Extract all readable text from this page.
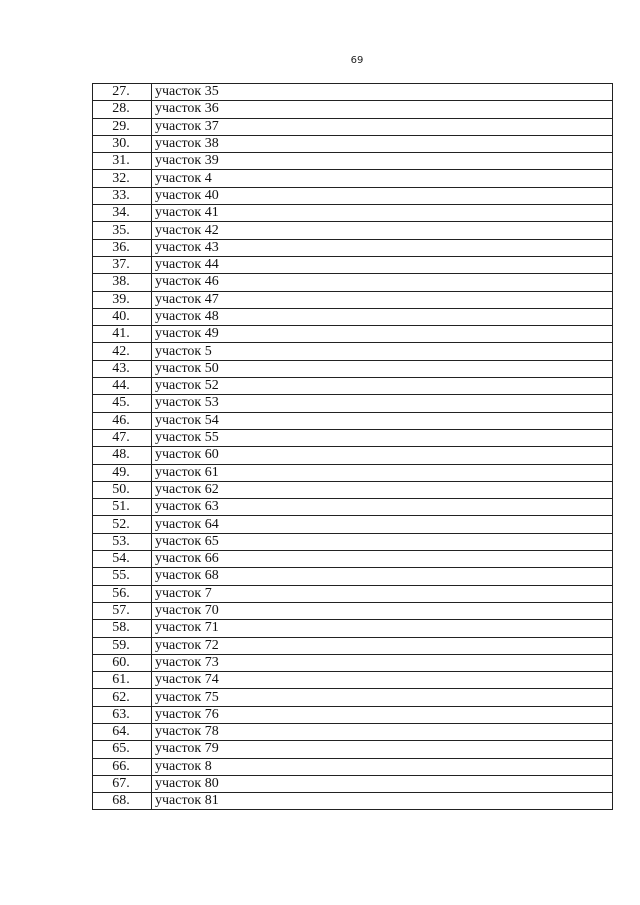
69
27.	участок 35
28.	участок 36
29.	участок 37
30.	участок 38
31.	участок 39
32.	участок 4
33.	участок 40
34.	участок 41
35.	участок 42
36.	участок 43
37.	участок 44
38.	участок 46
39.	участок 47
40.	участок 48
41.	участок 49
42.	участок 5
43.	участок 50
44.	участок 52
45.	участок 53
46.	участок 54
47.	участок 55
48.	участок 60
49.	участок 61
50.	участок 62
51.	участок 63
52.	участок 64
53.	участок 65
54.	участок 66
55.	участок 68
56.	участок 7
57.	участок 70
58.	участок 71
59.	участок 72
60.	участок 73
61.	участок 74
62.	участок 75
63.	участок 76
64.	участок 78
65.	участок 79
66.	участок 8
67.	участок 80
68.	участок 81
